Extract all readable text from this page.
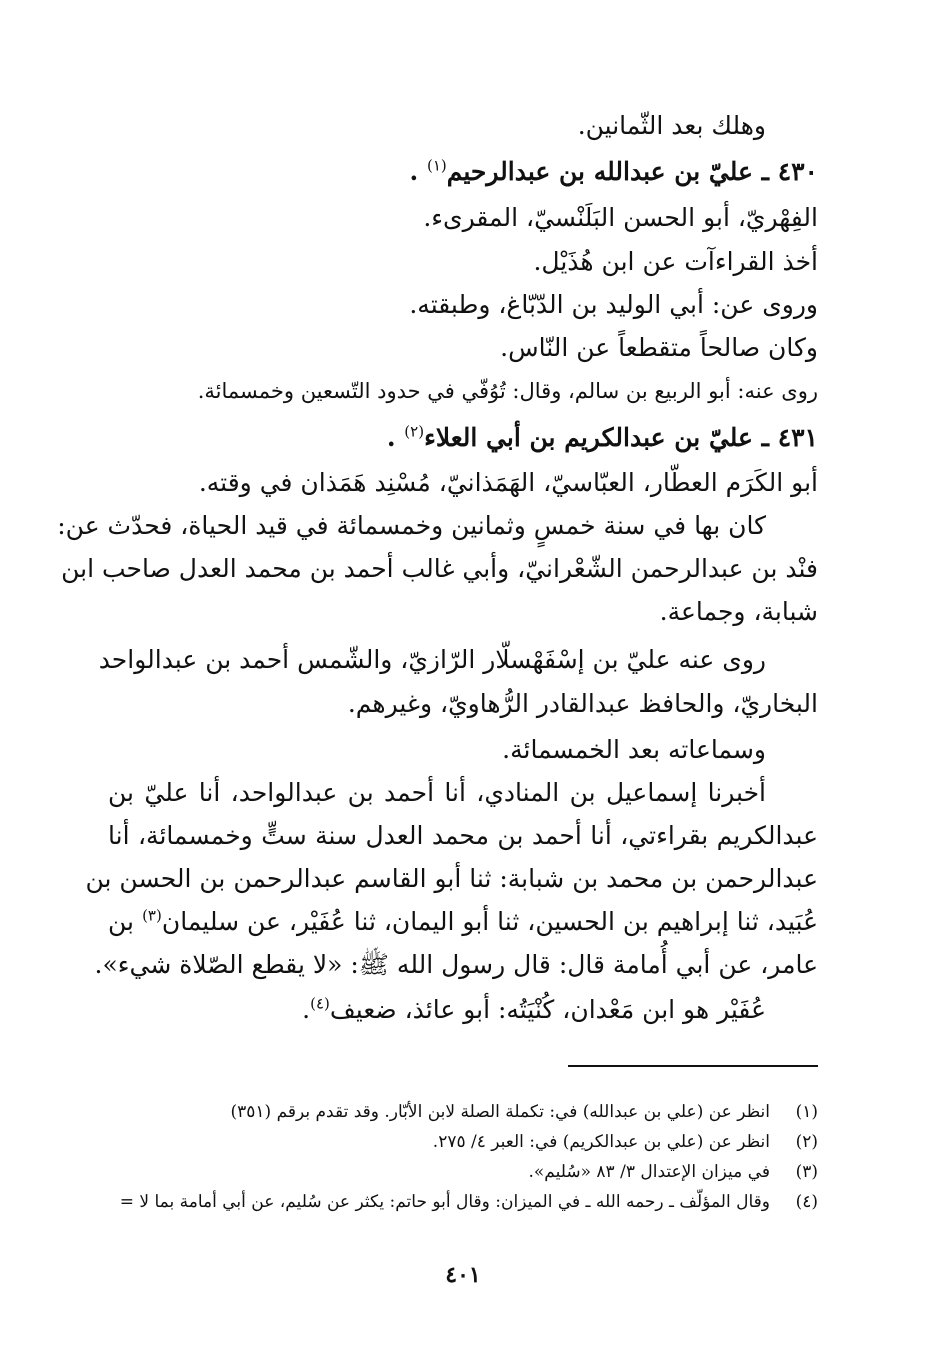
وهلك بعد الثّمانين.
٤٣٠ ـ عليّ بن عبدالله بن عبدالرحيم$^{(١)}$ .
الفِهْريّ، أبو الحسن البَلَنْسيّ، المقرىء.
أخذ القراءآت عن ابن هُذَيْل.
وروى عن: أبي الوليد بن الدّبّاغ، وطبقته.
وكان صالحاً متقطعاً عن النّاس.
روى عنه: أبو الربيع بن سالم، وقال: تُوُفّي في حدود التّسعين وخمسمائة.
٤٣١ ـ عليّ بن عبدالكريم بن أبي العلاء$^{(٢)}$ .
أبو الكَرَم العطّار، العبّاسيّ، الهَمَذانيّ، مُسْنِد هَمَذان في وقته.
كان بها في سنة خمسٍ وثمانين وخمسمائة في قيد الحياة، فحدّث عن:
فنْد بن عبدالرحمن الشّعْرانيّ، وأبي غالب أحمد بن محمد العدل صاحب ابن
شبابة، وجماعة.
روى عنه عليّ بن إسْفَهْسلّار الرّازيّ، والشّمس أحمد بن عبدالواحد
البخاريّ، والحافظ عبدالقادر الرُّهاويّ، وغيرهم.
وسماعاته بعد الخمسمائة.
أخبرنا إسماعيل بن المنادي، أنا أحمد بن عبدالواحد، أنا عليّ بن
عبدالكريم بقراءتي، أنا أحمد بن محمد العدل سنة ستٍّ وخمسمائة، أنا
عبدالرحمن بن محمد بن شبابة: ثنا أبو القاسم عبدالرحمن بن الحسن بن
عُبَيد، ثنا إبراهيم بن الحسين، ثنا أبو اليمان، ثنا عُفَيْر، عن سليمان$^{(٣)}$
بن
عامر، عن أبي أُمامة قال: قال رسول الله ﷺ: «لا يقطع الصّلاة شيء».
عُفَيْر هو ابن مَعْدان، كُنْيَتُه: أبو عائذ، ضعيف$^{(٤)}$.
(١)انظر عن (علي بن عبدالله) في: تكملة الصلة لابن الأبّار. وقد تقدم برقم (٣٥١)
(٢)انظر عن (علي بن عبدالكريم) في: العبر ٤/ ٢٧٥.
(٣)في ميزان الإعتدال ٣/ ٨٣ «سُليم».
(٤)وقال المؤلّف ـ رحمه الله ـ في الميزان: وقال أبو حاتم: يكثر عن سُليم، عن أبي أمامة بما لا =
٤٠١
